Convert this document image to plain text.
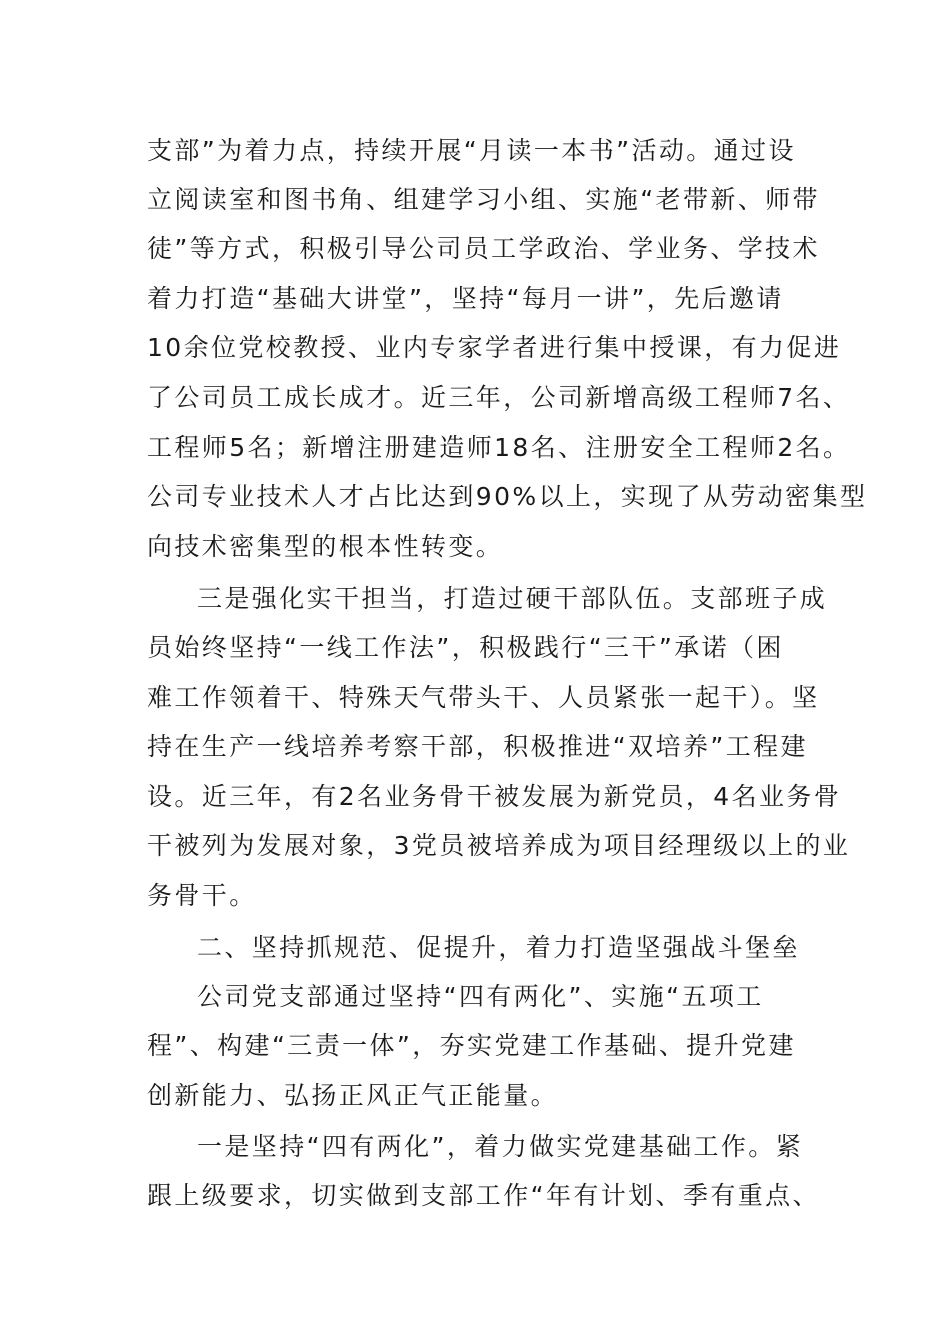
支部”为着力点，持续开展“月读一本书”活动。通过设
立阅读室和图书角、组建学习小组、实施“老带新、师带
徒”等方式，积极引导公司员工学政治、学业务、学技术
着力打造“基础大讲堂”，坚持“每月一讲”，先后邀请
10余位党校教授、业内专家学者进行集中授课，有力促进
了公司员工成长成才。近三年，公司新增高级工程师7名、
工程师5名；新增注册建造师18名、注册安全工程师2名。
公司专业技术人才占比达到90%以上，实现了从劳动密集型
向技术密集型的根本性转变。
三是强化实干担当，打造过硬干部队伍。支部班子成
员始终坚持“一线工作法”，积极践行“三干”承诺（困
难工作领着干、特殊天气带头干、人员紧张一起干）。坚
持在生产一线培养考察干部，积极推进“双培养”工程建
设。近三年，有2名业务骨干被发展为新党员，4名业务骨
干被列为发展对象，3党员被培养成为项目经理级以上的业
务骨干。
二、坚持抓规范、促提升，着力打造坚强战斗堡垒
公司党支部通过坚持“四有两化”、实施“五项工
程”、构建“三责一体”，夯实党建工作基础、提升党建
创新能力、弘扬正风正气正能量。
一是坚持“四有两化”，着力做实党建基础工作。紧
跟上级要求，切实做到支部工作“年有计划、季有重点、
